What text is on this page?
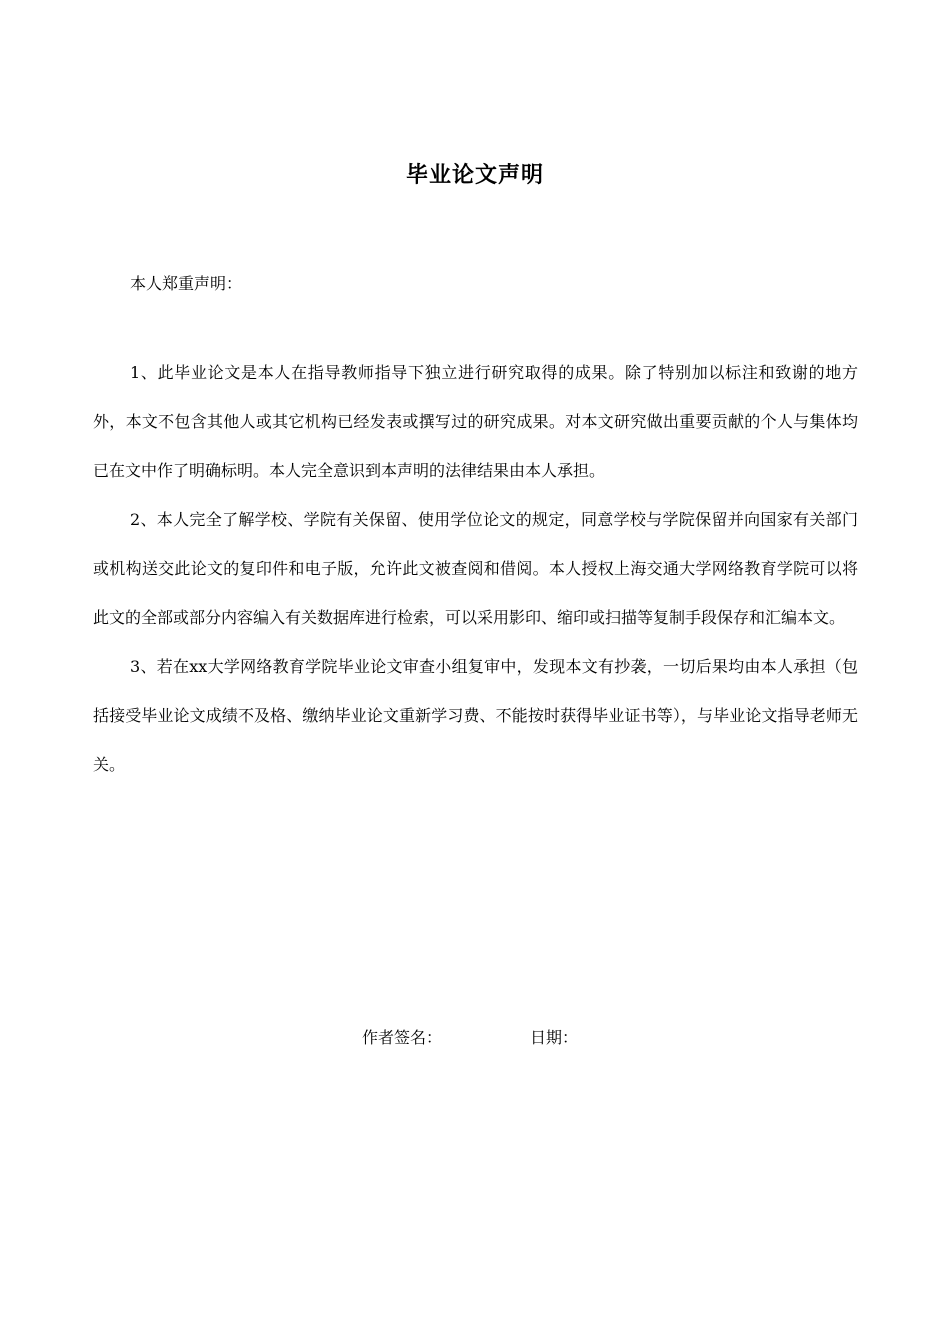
毕业论文声明
本人郑重声明：

1、此毕业论文是本人在指导教师指导下独立进行研究取得的成果。除了特别加以标注和致谢的地方外，本文不包含其他人或其它机构已经发表或撰写过的研究成果。对本文研究做出重要贡献的个人与集体均已在文中作了明确标明。本人完全意识到本声明的法律结果由本人承担。

2、本人完全了解学校、学院有关保留、使用学位论文的规定，同意学校与学院保留并向国家有关部门或机构送交此论文的复印件和电子版，允许此文被查阅和借阅。本人授权上海交通大学网络教育学院可以将此文的全部或部分内容编入有关数据库进行检索，可以采用影印、缩印或扫描等复制手段保存和汇编本文。

3、若在xx大学网络教育学院毕业论文审查小组复审中，发现本文有抄袭，一切后果均由本人承担（包括接受毕业论文成绩不及格、缴纳毕业论文重新学习费、不能按时获得毕业证书等），与毕业论文指导老师无关。

作者签名：	日期：
